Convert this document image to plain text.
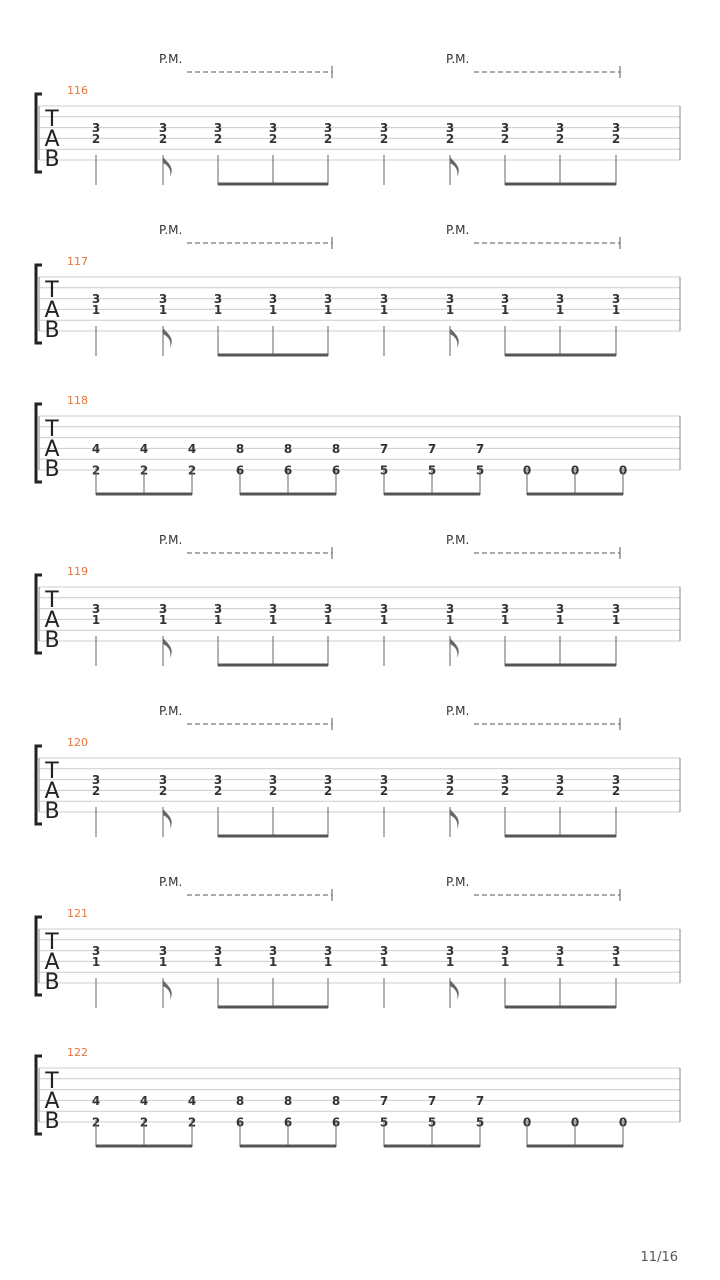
T
A
B
116
P.M.	P.M.
3
2
3
2
3
2
3
2
3
2
3
2
3
2
3
2
3
2
3
2
T
A
B
117
P.M.	P.M.
3
1
3
1
3
1
3
1
3
1
3
1
3
1
3
1
3
1
3
1
T
A
B
118
4
2
4
2
4
2
8
6
8
6
8
6
7
5
7
5
7
5	0	0	0
T
A
B
119
P.M.	P.M.
3
1
3
1
3
1
3
1
3
1
3
1
3
1
3
1
3
1
3
1
T
A
B
120
P.M.	P.M.
3
2
3
2
3
2
3
2
3
2
3
2
3
2
3
2
3
2
3
2
T
A
B
121
P.M.	P.M.
3
1
3
1
3
1
3
1
3
1
3
1
3
1
3
1
3
1
3
1
T
A
B
122
4
2
4
2
4
2
8
6
8
6
8
6
7
5
7
5
7
5	0	0	0
11/16
